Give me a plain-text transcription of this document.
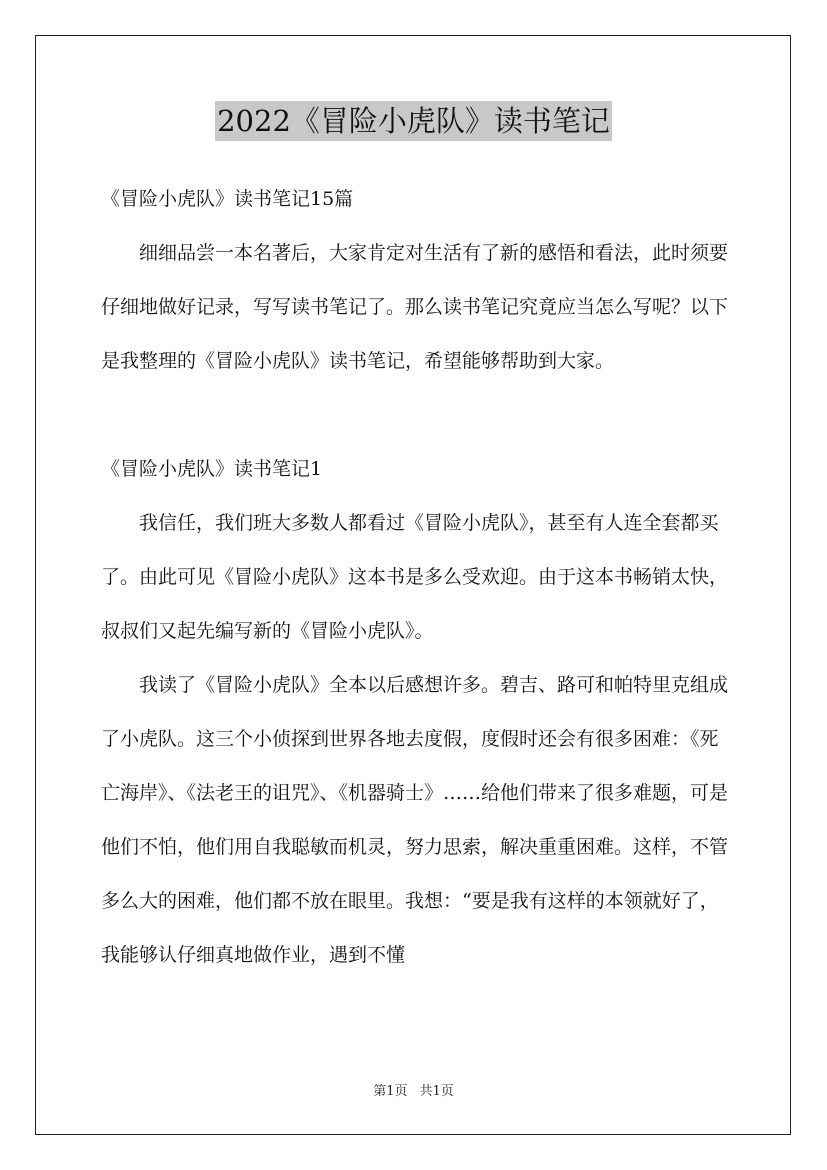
2022《冒险小虎队》读书笔记

《冒险小虎队》读书笔记15篇

细细品尝一本名著后，大家肯定对生活有了新的感悟和看法，此时须要仔细地做好记录，写写读书笔记了。那么读书笔记究竟应当怎么写呢？以下是我整理的《冒险小虎队》读书笔记，希望能够帮助到大家。

《冒险小虎队》读书笔记1

我信任，我们班大多数人都看过《冒险小虎队》，甚至有人连全套都买了。由此可见《冒险小虎队》这本书是多么受欢迎。由于这本书畅销太快，叔叔们又起先编写新的《冒险小虎队》。

我读了《冒险小虎队》全本以后感想许多。碧吉、路可和帕特里克组成了小虎队。这三个小侦探到世界各地去度假，度假时还会有很多困难：《死亡海岸》、《法老王的诅咒》、《机器骑士》……给他们带来了很多难题，可是他们不怕，他们用自我聪敏而机灵，努力思索，解决重重困难。这样，不管多么大的困难，他们都不放在眼里。我想：“要是我有这样的本领就好了，我能够认仔细真地做作业，遇到不懂

第1页 共1页
